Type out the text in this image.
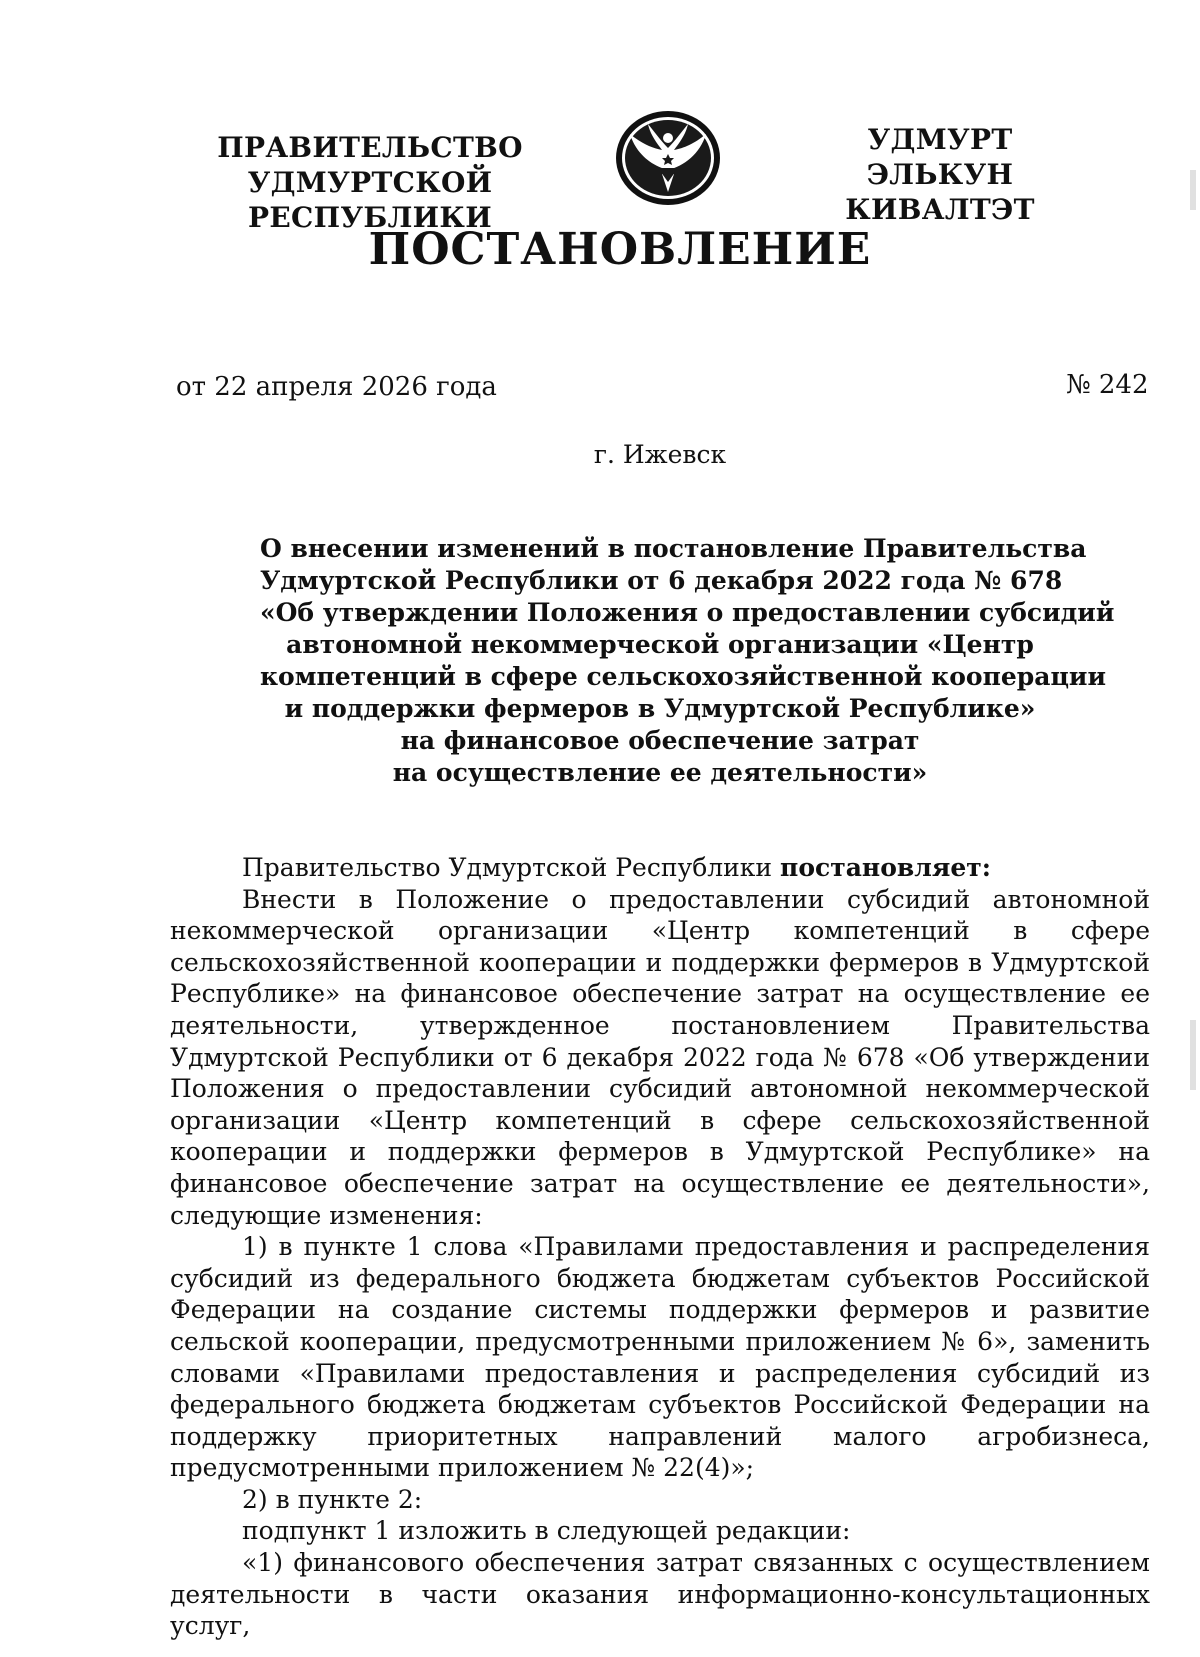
ПРАВИТЕЛЬСТВО
УДМУРТСКОЙ РЕСПУБЛИКИ
УДМУРТ ЭЛЬКУН
КИВАЛТЭТ
ПОСТАНОВЛЕНИЕ
от 22 апреля 2026 года	№ 242
г. Ижевск
О внесении изменений в постановление Правительства
Удмуртской Республики от 6 декабря 2022 года № 678
«Об утверждении Положения о предоставлении субсидий
автономной некоммерческой организации «Центр
компетенций в сфере сельскохозяйственной кооперации
и поддержки фермеров в Удмуртской Республике»
на финансовое обеспечение затрат
на осуществление ее деятельности»

Правительство Удмуртской Республики постановляет:

Внести в Положение о предоставлении субсидий автономной некоммерческой организации «Центр компетенций в сфере сельскохозяйственной кооперации и поддержки фермеров в Удмуртской Республике» на финансовое обеспечение затрат на осуществление ее деятельности, утвержденное постановлением Правительства Удмуртской Республики от 6 декабря 2022 года № 678 «Об утверждении Положения о предоставлении субсидий автономной некоммерческой организации «Центр компетенций в сфере сельскохозяйственной кооперации и поддержки фермеров в Удмуртской Республике» на финансовое обеспечение затрат на осуществление ее деятельности», следующие изменения:

1) в пункте 1 слова «Правилами предоставления и распределения субсидий из федерального бюджета бюджетам субъектов Российской Федерации на создание системы поддержки фермеров и развитие сельской кооперации, предусмотренными приложением № 6», заменить словами «Правилами предоставления и распределения субсидий из федерального бюджета бюджетам субъектов Российской Федерации на поддержку приоритетных направлений малого агробизнеса, предусмотренными приложением № 22(4)»;

2) в пункте 2:

подпункт 1 изложить в следующей редакции:

«1) финансового обеспечения затрат связанных с осуществлением деятельности в части оказания информационно-консультационных услуг,
